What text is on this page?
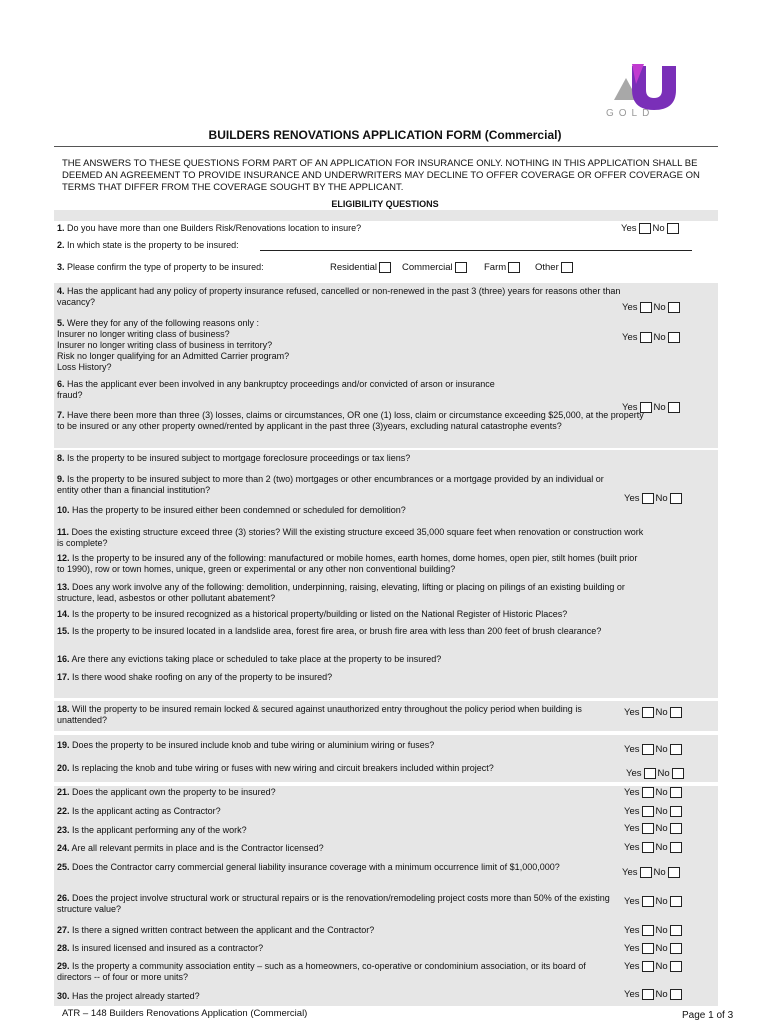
GOLD
BUILDERS RENOVATIONS APPLICATION FORM (Commercial)
THE ANSWERS TO THESE QUESTIONS FORM PART OF AN APPLICATION FOR INSURANCE ONLY. NOTHING IN THIS APPLICATION SHALL BE DEEMED AN AGREEMENT TO PROVIDE INSURANCE AND UNDERWRITERS MAY DECLINE TO OFFER COVERAGE OR OFFER COVERAGE ON TERMS THAT DIFFER FROM THE COVERAGE SOUGHT BY THE APPLICANT.
ELIGIBILITY QUESTIONS
1. Do you have more than one Builders Risk/Renovations location to insure?	Yes No
2. In which state is the property to be insured:
3. Please confirm the type of property to be insured:	Residential	Commercial	Farm	Other
4. Has the applicant had any policy of property insurance refused, cancelled or non-renewed in the past 3 (three) years for reasons other than vacancy?
Yes No
5. Were they for any of the following reasons only :
Insurer no longer writing class of business?
Insurer no longer writing class of business in territory?
Risk no longer qualifying for an Admitted Carrier program?
Loss History?
Yes No
6. Has the applicant ever been involved in any bankruptcy proceedings and/or convicted of arson or insurance fraud?
Yes No
7. Have there been more than three (3) losses, claims or circumstances, OR one (1) loss, claim or circumstance exceeding $25,000, at the property to be insured or any other property owned/rented by applicant in the past three (3)years, excluding natural catastrophe events?
8. Is the property to be insured subject to mortgage foreclosure proceedings or tax liens?
9. Is the property to be insured subject to more than 2 (two) mortgages or other encumbrances or a mortgage provided by an individual or entity other than a financial institution?
Yes No
10. Has the property to be insured either been condemned or scheduled for demolition?
11. Does the existing structure exceed three (3) stories? Will the existing structure exceed 35,000 square feet when renovation or construction work is complete?
12. Is the property to be insured any of the following: manufactured or mobile homes, earth homes, dome homes, open pier, stilt homes (built prior to 1990), row or town homes, unique, green or experimental or any other non conventional building?
13. Does any work involve any of the following: demolition, underpinning, raising, elevating, lifting or placing on pilings of an existing building or structure, lead, asbestos or other pollutant abatement?
14. Is the property to be insured recognized as a historical property/building or listed on the National Register of Historic Places?
15. Is the property to be insured located in a landslide area, forest fire area, or brush fire area with less than 200 feet of brush clearance?
16. Are there any evictions taking place or scheduled to take place at the property to be insured?
17. Is there wood shake roofing on any of the property to be insured?
18. Will the property to be insured remain locked & secured against unauthorized entry throughout the policy period when building is unattended?
Yes No
19. Does the property to be insured include knob and tube wiring or aluminium wiring or fuses?	Yes No
20. Is replacing the knob and tube wiring or fuses with new wiring and circuit breakers included within project?
Yes No
21. Does the applicant own the property to be insured?	Yes No
22. Is the applicant acting as Contractor?	Yes No
23. Is the applicant performing any of the work?	Yes No
24. Are all relevant permits in place and is the Contractor licensed?	Yes No
25. Does the Contractor carry commercial general liability insurance coverage with a minimum occurrence limit of $1,000,000?
Yes No
26. Does the project involve structural work or structural repairs or is the renovation/remodeling project costs more than 50% of the existing structure value?
Yes No
27. Is there a signed written contract between the applicant and the Contractor?	Yes No
28. Is insured licensed and insured as a contractor?	Yes No
29. Is the property a community association entity – such as a homeowners, co-operative or condominium association, or its board of directors -- of four or more units?
Yes No
30. Has the project already started?	Yes No
ATR – 148 Builders Renovations Application (Commercial)	Page 1 of 3
